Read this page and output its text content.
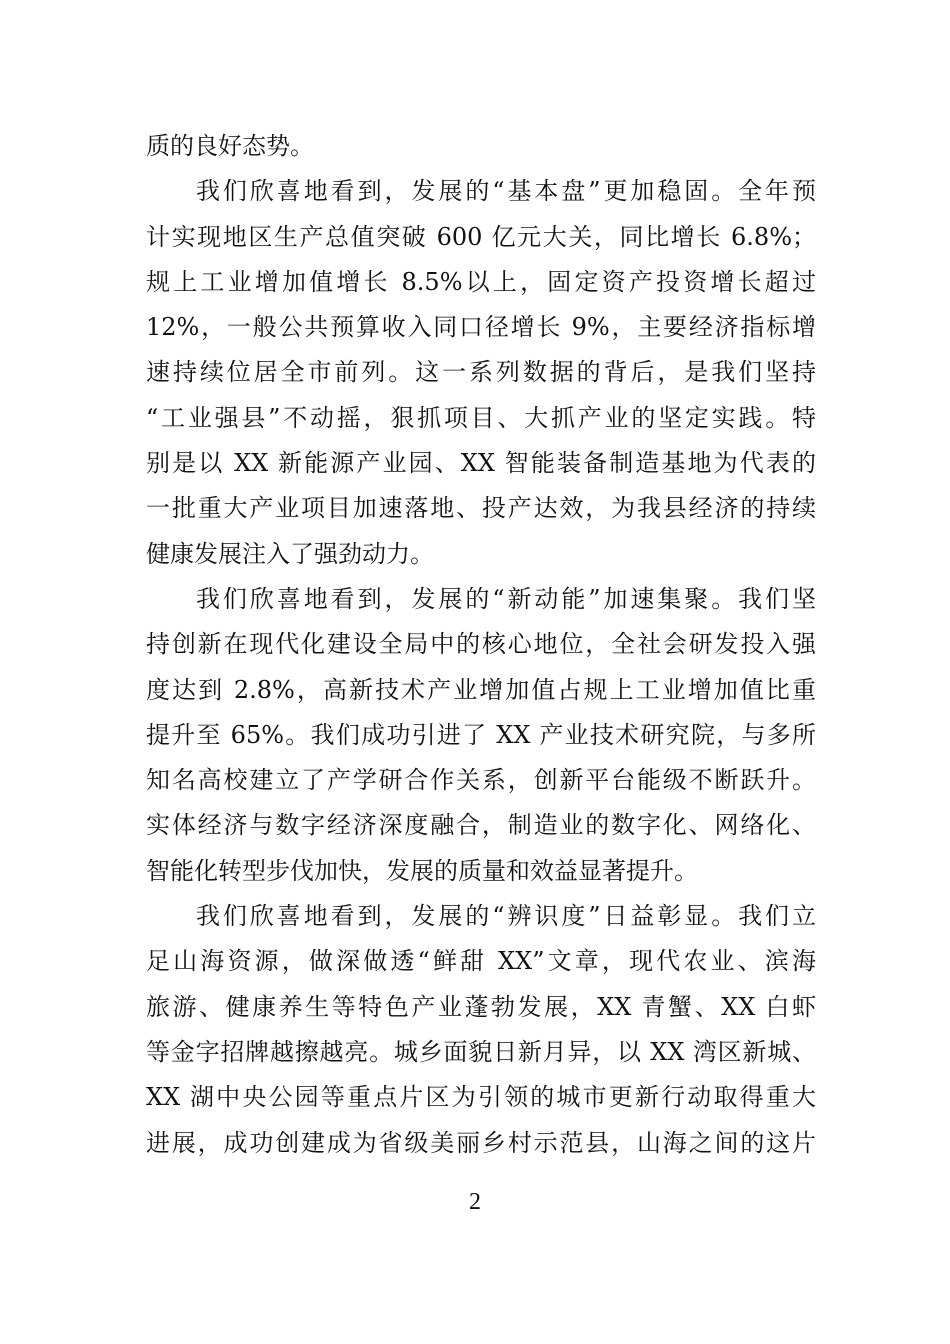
质的良好态势。
我们欣喜地看到，发展的“基本盘”更加稳固。全年预
计实现地区生产总值突破 600 亿元大关，同比增长 6.8%；
规上工业增加值增长 8.5%以上，固定资产投资增长超过
12%，一般公共预算收入同口径增长 9%，主要经济指标增
速持续位居全市前列。这一系列数据的背后，是我们坚持
“工业强县”不动摇，狠抓项目、大抓产业的坚定实践。特
别是以 XX 新能源产业园、XX 智能装备制造基地为代表的
一批重大产业项目加速落地、投产达效，为我县经济的持续
健康发展注入了强劲动力。
我们欣喜地看到，发展的“新动能”加速集聚。我们坚
持创新在现代化建设全局中的核心地位，全社会研发投入强
度达到 2.8%，高新技术产业增加值占规上工业增加值比重
提升至 65%。我们成功引进了 XX 产业技术研究院，与多所
知名高校建立了产学研合作关系，创新平台能级不断跃升。
实体经济与数字经济深度融合，制造业的数字化、网络化、
智能化转型步伐加快，发展的质量和效益显著提升。
我们欣喜地看到，发展的“辨识度”日益彰显。我们立
足山海资源，做深做透“鲜甜 XX”文章，现代农业、滨海
旅游、健康养生等特色产业蓬勃发展，XX 青蟹、XX 白虾
等金字招牌越擦越亮。城乡面貌日新月异，以 XX 湾区新城、
XX 湖中央公园等重点片区为引领的城市更新行动取得重大
进展，成功创建成为省级美丽乡村示范县，山海之间的这片
2
